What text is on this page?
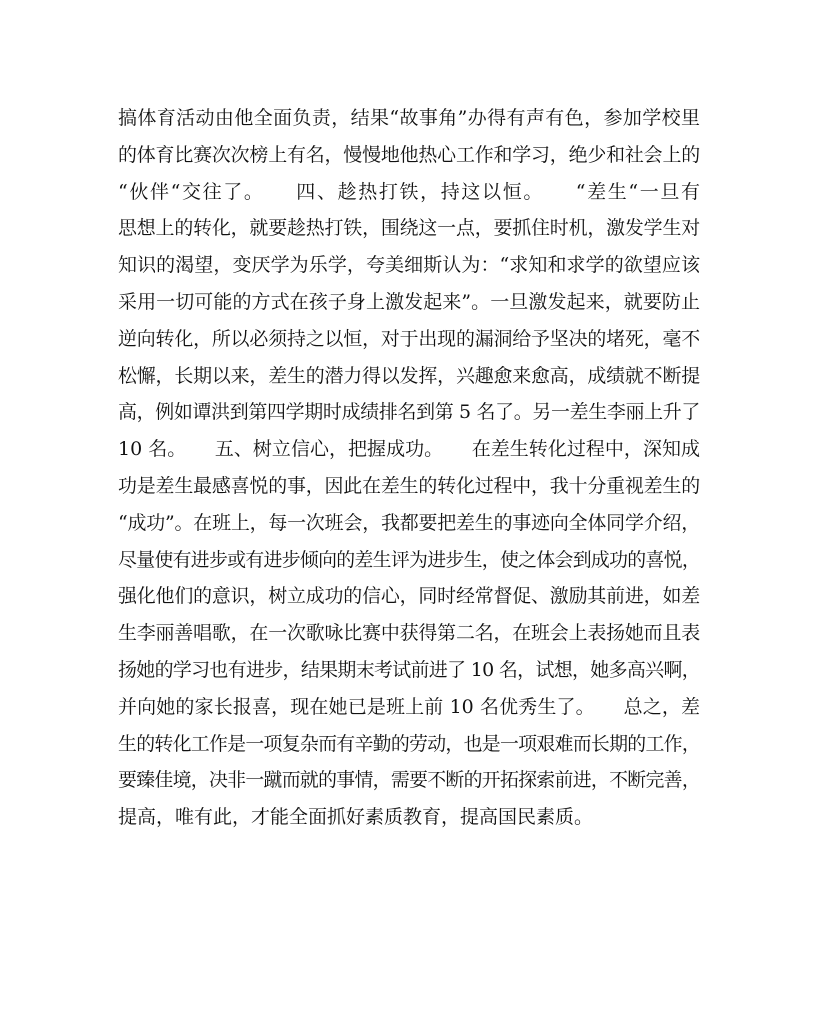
搞体育活动由他全面负责，结果“故事角”办得有声有色，参加学校里
的体育比赛次次榜上有名，慢慢地他热心工作和学习，绝少和社会上的
“伙伴“交往了。　　四、趁热打铁，持这以恒。　　“差生“一旦有
思想上的转化，就要趁热打铁，围绕这一点，要抓住时机，激发学生对
知识的渴望，变厌学为乐学，夸美细斯认为：“求知和求学的欲望应该
采用一切可能的方式在孩子身上激发起来”。一旦激发起来，就要防止
逆向转化，所以必须持之以恒，对于出现的漏洞给予坚决的堵死，毫不
松懈，长期以来，差生的潜力得以发挥，兴趣愈来愈高，成绩就不断提
高，例如谭洪到第四学期时成绩排名到第 5 名了。另一差生李丽上升了
10 名。　　五、树立信心，把握成功。　　在差生转化过程中，深知成
功是差生最感喜悦的事，因此在差生的转化过程中，我十分重视差生的
“成功”。在班上，每一次班会，我都要把差生的事迹向全体同学介绍，
尽量使有进步或有进步倾向的差生评为进步生，使之体会到成功的喜悦，
强化他们的意识，树立成功的信心，同时经常督促、激励其前进，如差
生李丽善唱歌，在一次歌咏比赛中获得第二名，在班会上表扬她而且表
扬她的学习也有进步，结果期末考试前进了 10 名，试想，她多高兴啊，
并向她的家长报喜，现在她已是班上前 10 名优秀生了。　　总之，差
生的转化工作是一项复杂而有辛勤的劳动，也是一项艰难而长期的工作，
要臻佳境，决非一蹴而就的事情，需要不断的开拓探索前进，不断完善，
提高，唯有此，才能全面抓好素质教育，提高国民素质。
